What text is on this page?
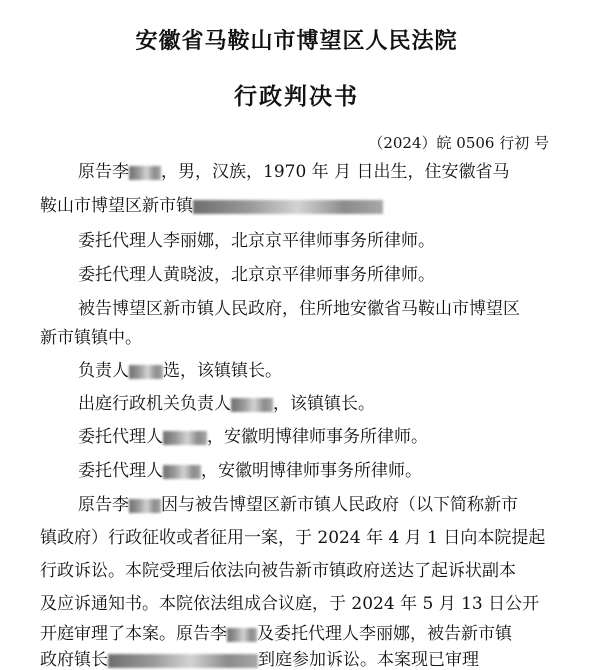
安徽省马鞍山市博望区人民法院
行政判决书
（2024）皖 0506 行初 号
原告李 ，男，汉族，1970 年 月 日出生，住安徽省马
鞍山市博望区新市镇
委托代理人李丽娜，北京京平律师事务所律师。
委托代理人黄晓波，北京京平律师事务所律师。
被告博望区新市镇人民政府，住所地安徽省马鞍山市博望区
新市镇镇中。
负责人 选，该镇镇长。
出庭行政机关负责人 ，该镇镇长。
委托代理人	，安徽明博律师事务所律师。
委托代理人 ，安徽明博律师事务所律师。
原告李 因与被告博望区新市镇人民政府（以下简称新市
镇政府）行政征收或者征用一案，于 2024 年 4 月 1 日向本院提起
行政诉讼。本院受理后依法向被告新市镇政府送达了起诉状副本
及应诉通知书。本院依法组成合议庭，于 2024 年 5 月 13 日公开
开庭审理了本案。原告李 及委托代理人李丽娜，被告新市镇
政府镇长	到庭参加诉讼。本案现已审理
